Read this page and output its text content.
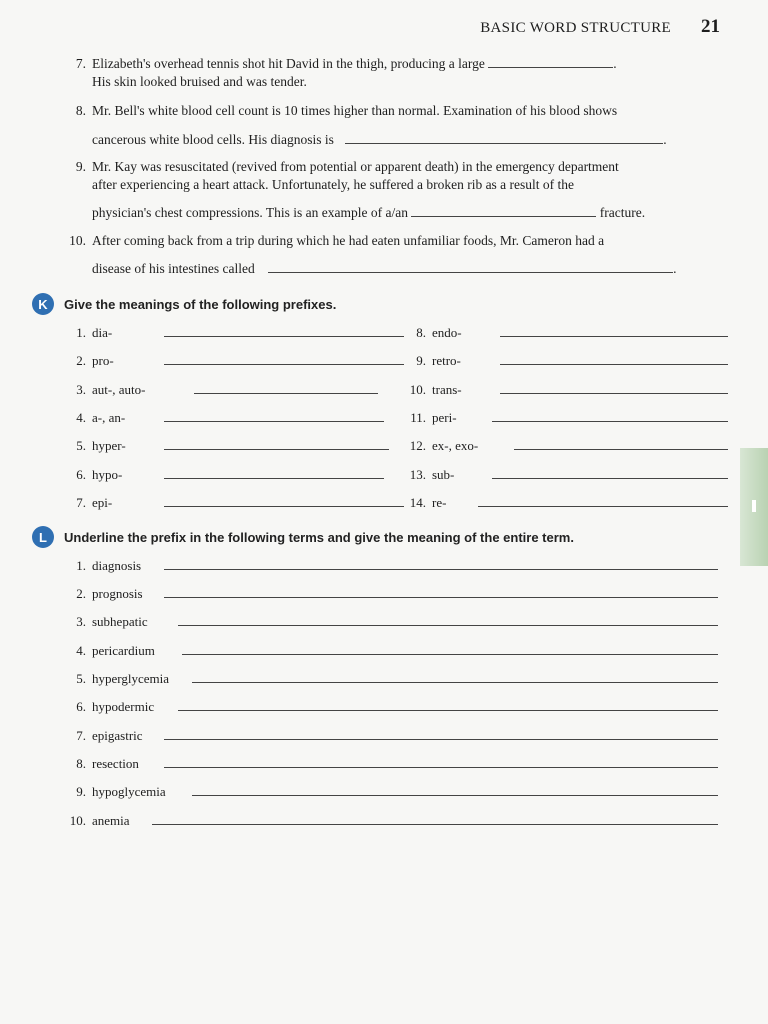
BASIC WORD STRUCTURE 21
7. Elizabeth's overhead tennis shot hit David in the thigh, producing a large	.
His skin looked bruised and was tender.
8. Mr. Bell's white blood cell count is 10 times higher than normal. Examination of his blood shows
cancerous white blood cells. His diagnosis is	.
9. Mr. Kay was resuscitated (revived from potential or apparent death) in the emergency department
after experiencing a heart attack. Unfortunately, he suffered a broken rib as a result of the
physician's chest compressions. This is an example of a/an	fracture.
10. After coming back from a trip during which he had eaten unfamiliar foods, Mr. Cameron had a
disease of his intestines called	.
K	Give the meanings of the following prefixes.
1. dia-
2. pro-
3. aut-, auto-
4. a-, an-
5. hyper-
6. hypo-
7. epi-
8. endo-
9. retro-
10. trans-
11. peri-
12. ex-, exo-
13. sub-
14. re-
L	Underline the prefix in the following terms and give the meaning of the entire term.
1. diagnosis
2. prognosis
3. subhepatic
4. pericardium
5. hyperglycemia
6. hypodermic
7. epigastric
8. resection
9. hypoglycemia
10. anemia
